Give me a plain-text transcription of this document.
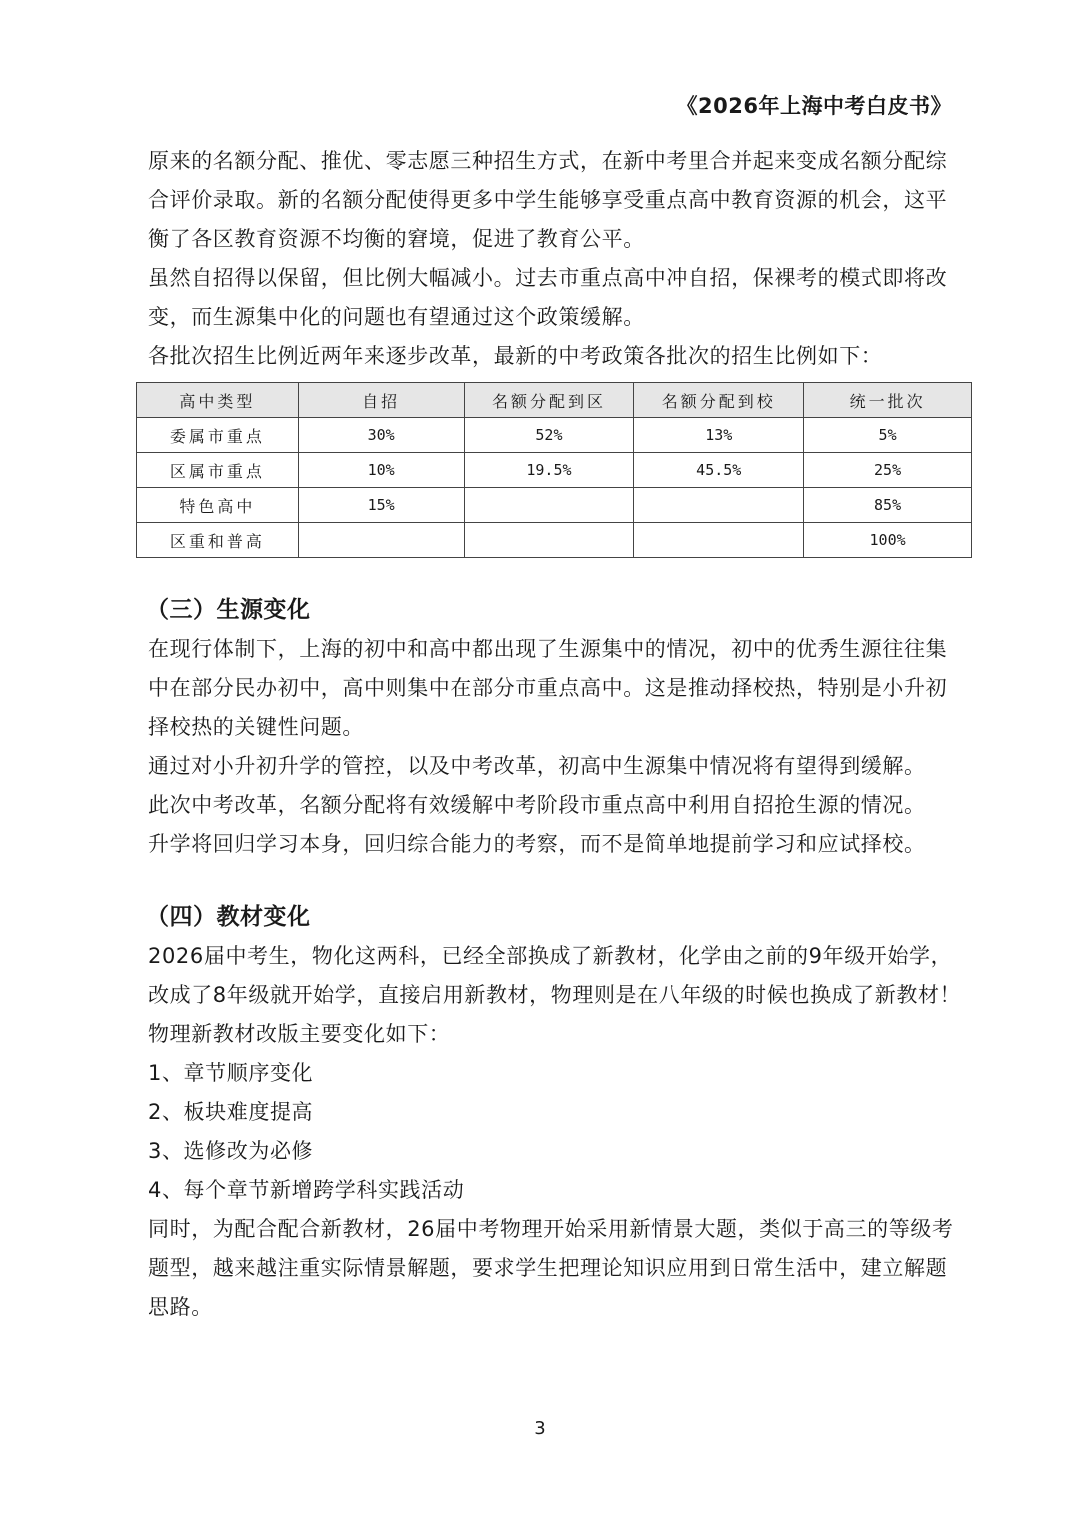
《2026年上海中考白皮书》

原来的名额分配、推优、零志愿三种招生方式，在新中考里合并起来变成名额分配综合评价录取。新的名额分配使得更多中学生能够享受重点高中教育资源的机会，这平衡了各区教育资源不均衡的窘境，促进了教育公平。

虽然自招得以保留，但比例大幅减小。过去市重点高中冲自招，保裸考的模式即将改变，而生源集中化的问题也有望通过这个政策缓解。

各批次招生比例近两年来逐步改革，最新的中考政策各批次的招生比例如下：

高中类型	自招	名额分配到区	名额分配到校	统一批次
委属市重点	30%	52%	13%	5%
区属市重点	10%	19.5%	45.5%	25%
特色高中	15%			85%
区重和普高				100%
（三）生源变化

在现行体制下，上海的初中和高中都出现了生源集中的情况，初中的优秀生源往往集中在部分民办初中，高中则集中在部分市重点高中。这是推动择校热，特别是小升初择校热的关键性问题。

通过对小升初升学的管控，以及中考改革，初高中生源集中情况将有望得到缓解。

此次中考改革，名额分配将有效缓解中考阶段市重点高中利用自招抢生源的情况。

升学将回归学习本身，回归综合能力的考察，而不是简单地提前学习和应试择校。

（四）教材变化

2026届中考生，物化这两科，已经全部换成了新教材，化学由之前的9年级开始学，改成了8年级就开始学，直接启用新教材，物理则是在八年级的时候也换成了新教材！

物理新教材改版主要变化如下：

1、章节顺序变化

2、板块难度提高

3、选修改为必修

4、每个章节新增跨学科实践活动

同时，为配合配合新教材，26届中考物理开始采用新情景大题，类似于高三的等级考题型，越来越注重实际情景解题，要求学生把理论知识应用到日常生活中，建立解题思路。

3
